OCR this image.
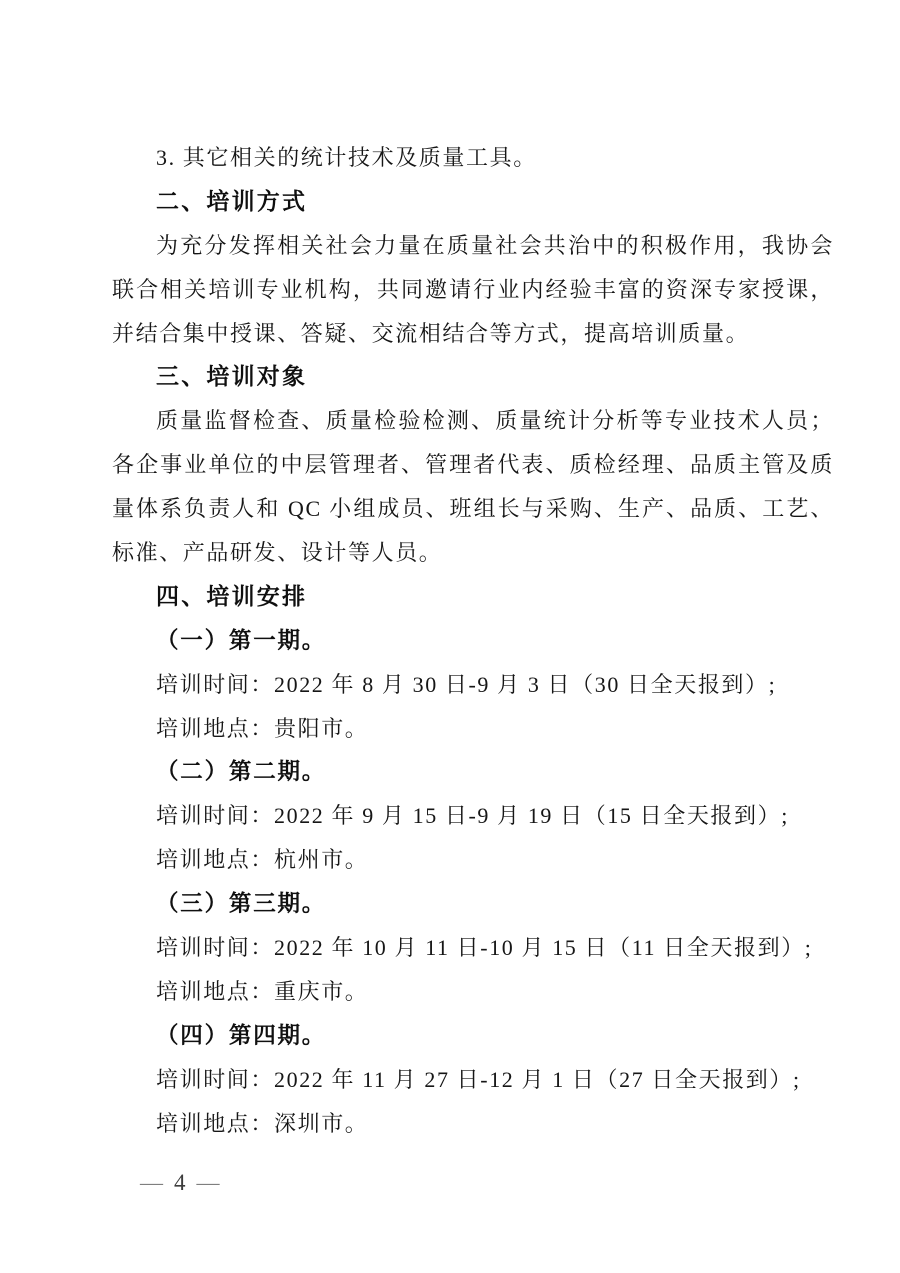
3. 其它相关的统计技术及质量工具。
二、培训方式
为充分发挥相关社会力量在质量社会共治中的积极作用，我协会
联合相关培训专业机构，共同邀请行业内经验丰富的资深专家授课，
并结合集中授课、答疑、交流相结合等方式，提高培训质量。
三、培训对象
质量监督检查、质量检验检测、质量统计分析等专业技术人员；
各企事业单位的中层管理者、管理者代表、质检经理、品质主管及质
量体系负责人和 QC 小组成员、班组长与采购、生产、品质、工艺、
标准、产品研发、设计等人员。
四、培训安排
（一）第一期。
培训时间：2022 年 8 月 30 日-9 月 3 日（30 日全天报到）;
培训地点：贵阳市。
（二）第二期。
培训时间：2022 年 9 月 15 日-9 月 19 日（15 日全天报到）;
培训地点：杭州市。
（三）第三期。
培训时间：2022 年 10 月 11 日-10 月 15 日（11 日全天报到）;
培训地点：重庆市。
（四）第四期。
培训时间：2022 年 11 月 27 日-12 月 1 日（27 日全天报到）;
培训地点：深圳市。
— 4 —
